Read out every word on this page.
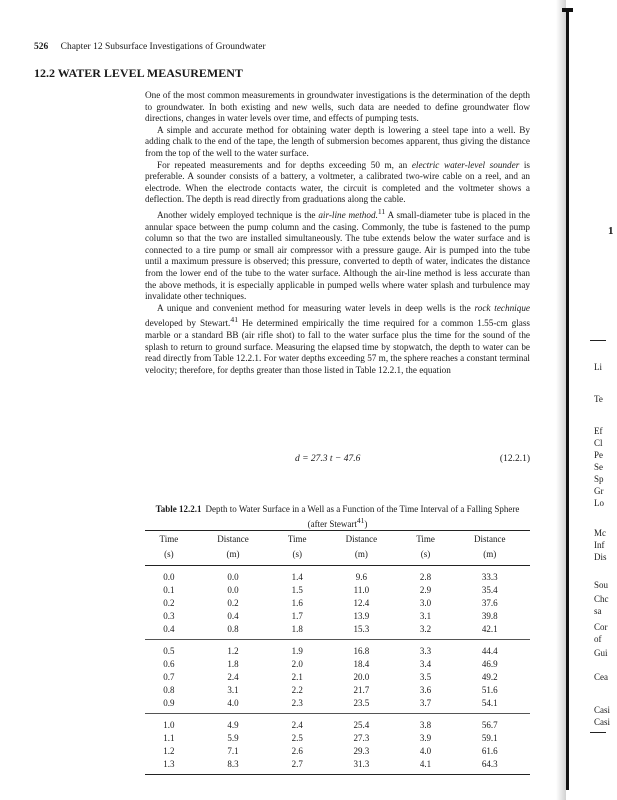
526 Chapter 12 Subsurface Investigations of Groundwater
12.2 WATER LEVEL MEASUREMENT

One of the most common measurements in groundwater investigations is the determination of the depth to groundwater. In both existing and new wells, such data are needed to define groundwater flow directions, changes in water levels over time, and effects of pumping tests.

A simple and accurate method for obtaining water depth is lowering a steel tape into a well. By adding chalk to the end of the tape, the length of submersion becomes apparent, thus giving the distance from the top of the well to the water surface.

For repeated measurements and for depths exceeding 50 m, an electric water-level sounder is preferable. A sounder consists of a battery, a voltmeter, a calibrated two-wire cable on a reel, and an electrode. When the electrode contacts water, the circuit is completed and the voltmeter shows a deflection. The depth is read directly from graduations along the cable.

Another widely employed technique is the air-line method.$^{11}$ A small-diameter tube is placed in the annular space between the pump column and the casing. Commonly, the tube is fastened to the pump column so that the two are installed simultaneously. The tube extends below the water surface and is connected to a tire pump or small air compressor with a pressure gauge. Air is pumped into the tube until a maximum pressure is observed; this pressure, converted to depth of water, indicates the distance from the lower end of the tube to the water surface. Although the air-line method is less accurate than the above methods, it is especially applicable in pumped wells where water splash and turbulence may invalidate other techniques.

A unique and convenient method for measuring water levels in deep wells is the rock technique developed by Stewart.$^{41}$ He determined empirically the time required for a common 1.55-cm glass marble or a standard BB (air rifle shot) to fall to the water surface plus the time for the sound of the splash to return to ground surface. Measuring the elapsed time by stopwatch, the depth to water can be read directly from Table 12.2.1. For water depths exceeding 57 m, the sphere reaches a constant terminal velocity; therefore, for depths greater than those listed in Table 12.2.1, the equation

d = 27.3 t − 47.6	(12.2.1)
Table 12.2.1 Depth to Water Surface in a Well as a Function of the Time Interval of a Falling Sphere (after Stewart$^{41}$)
Time	Distance	Time	Distance	Time	Distance
(s)	(m)	(s)	(m)	(s)	(m)
0.0	0.0	1.4	9.6	2.8	33.3
0.1	0.0	1.5	11.0	2.9	35.4
0.2	0.2	1.6	12.4	3.0	37.6
0.3	0.4	1.7	13.9	3.1	39.8
0.4	0.8	1.8	15.3	3.2	42.1
0.5	1.2	1.9	16.8	3.3	44.4
0.6	1.8	2.0	18.4	3.4	46.9
0.7	2.4	2.1	20.0	3.5	49.2
0.8	3.1	2.2	21.7	3.6	51.6
0.9	4.0	2.3	23.5	3.7	54.1
1.0	4.9	2.4	25.4	3.8	56.7
1.1	5.9	2.5	27.3	3.9	59.1
1.2	7.1	2.6	29.3	4.0	61.6
1.3	8.3	2.7	31.3	4.1	64.3
1
Li
Te
Ef
Cl
Pe
Se
Sp
Gr
Lo
Mc
Inf
Dis
Sou
Chc
sa
Cor
of
Gui
Cea
Casi
Casi
